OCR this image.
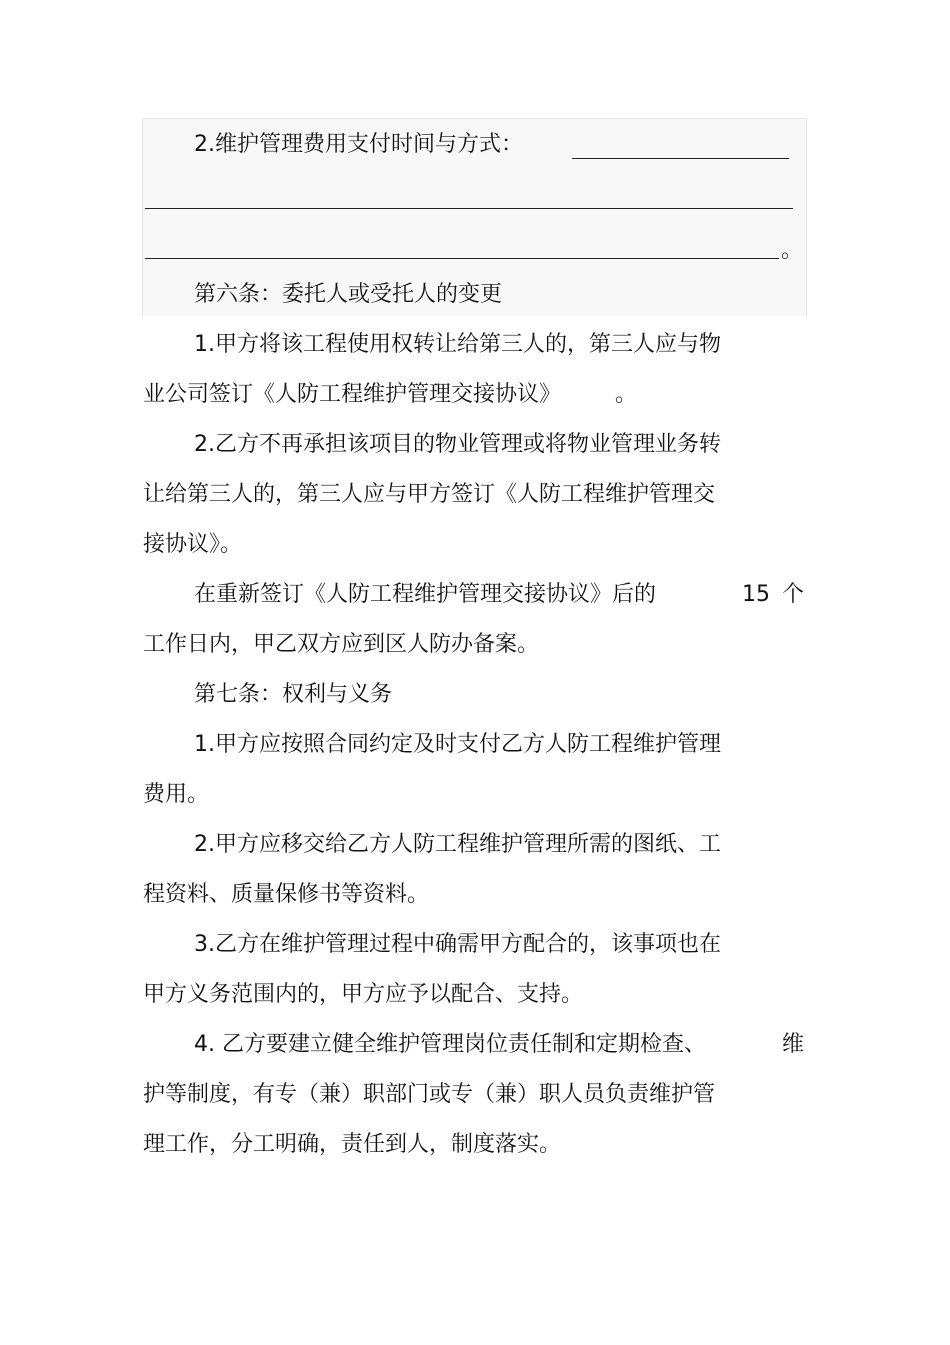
2.维护管理费用支付时间与方式：
。
第六条：委托人或受托人的变更
1.甲方将该工程使用权转让给第三人的，第三人应与物
业公司签订《人防工程维护管理交接协议》 。
2.乙方不再承担该项目的物业管理或将物业管理业务转
让给第三人的，第三人应与甲方签订《人防工程维护管理交
接协议》。
在重新签订《人防工程维护管理交接协议》后的	15 个
工作日内，甲乙双方应到区人防办备案。
第七条：权利与义务
1.甲方应按照合同约定及时支付乙方人防工程维护管理
费用。
2.甲方应移交给乙方人防工程维护管理所需的图纸、工
程资料、质量保修书等资料。
3.乙方在维护管理过程中确需甲方配合的，该事项也在
甲方义务范围内的，甲方应予以配合、支持。
4. 乙方要建立健全维护管理岗位责任制和定期检查、	维
护等制度，有专（兼）职部门或专（兼）职人员负责维护管
理工作，分工明确，责任到人，制度落实。
